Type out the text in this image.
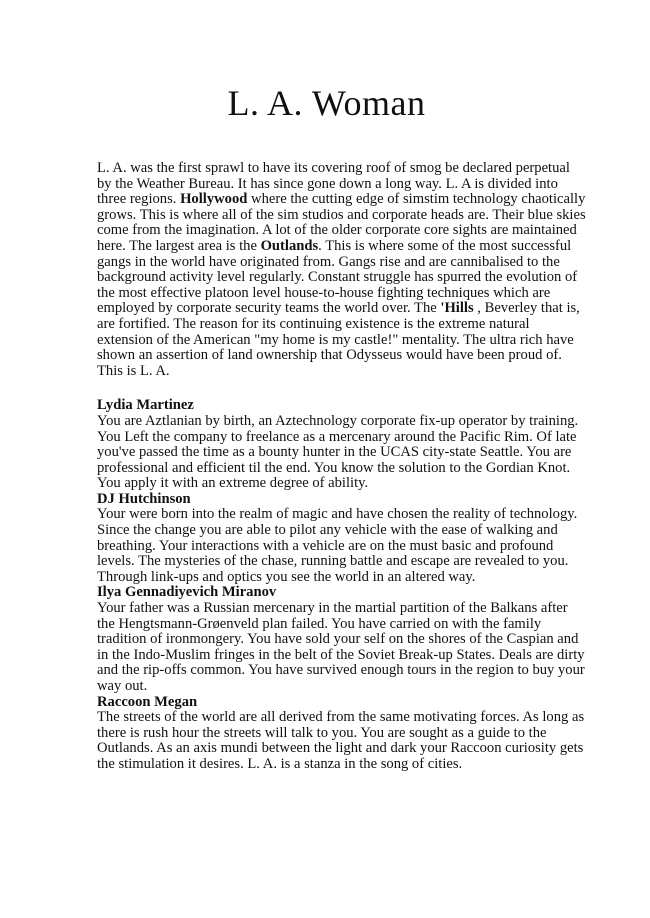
L. A. Woman

L. A. was the first sprawl to have its covering roof of smog be declared perpetual by the Weather Bureau. It has since gone down a long way. L. A is divided into three regions. Hollywood where the cutting edge of simstim technology chaotically grows. This is where all of the sim studios and corporate heads are. Their blue skies come from the imagination. A lot of the older corporate core sights are maintained here. The largest area is the Outlands. This is where some of the most successful gangs in the world have originated from. Gangs rise and are cannibalised to the background activity level regularly. Constant struggle has spurred the evolution of the most effective platoon level house-to-house fighting techniques which are employed by corporate security teams the world over. The 'Hills , Beverley that is, are fortified. The reason for its continuing existence is the extreme natural extension of the American "my home is my castle!" mentality. The ultra rich have shown an assertion of land ownership that Odysseus would have been proud of. This is L. A.

Lydia Martinez

You are Aztlanian by birth, an Aztechnology corporate fix-up operator by training. You Left the company to freelance as a mercenary around the Pacific Rim. Of late you've passed the time as a bounty hunter in the UCAS city-state Seattle. You are professional and efficient til the end. You know the solution to the Gordian Knot. You apply it with an extreme degree of ability.

DJ Hutchinson

Your were born into the realm of magic and have chosen the reality of technology. Since the change you are able to pilot any vehicle with the ease of walking and breathing. Your interactions with a vehicle are on the must basic and profound levels. The mysteries of the chase, running battle and escape are revealed to you. Through link-ups and optics you see the world in an altered way.

Ilya Gennadiyevich Miranov

Your father was a Russian mercenary in the martial partition of the Balkans after the Hengtsmann-Grøenveld plan failed. You have carried on with the family tradition of ironmongery. You have sold your self on the shores of the Caspian and in the Indo-Muslim fringes in the belt of the Soviet Break-up States. Deals are dirty and the rip-offs common. You have survived enough tours in the region to buy your way out.

Raccoon Megan

The streets of the world are all derived from the same motivating forces. As long as there is rush hour the streets will talk to you. You are sought as a guide to the Outlands. As an axis mundi between the light and dark your Raccoon curiosity gets the stimulation it desires. L. A. is a stanza in the song of cities.
